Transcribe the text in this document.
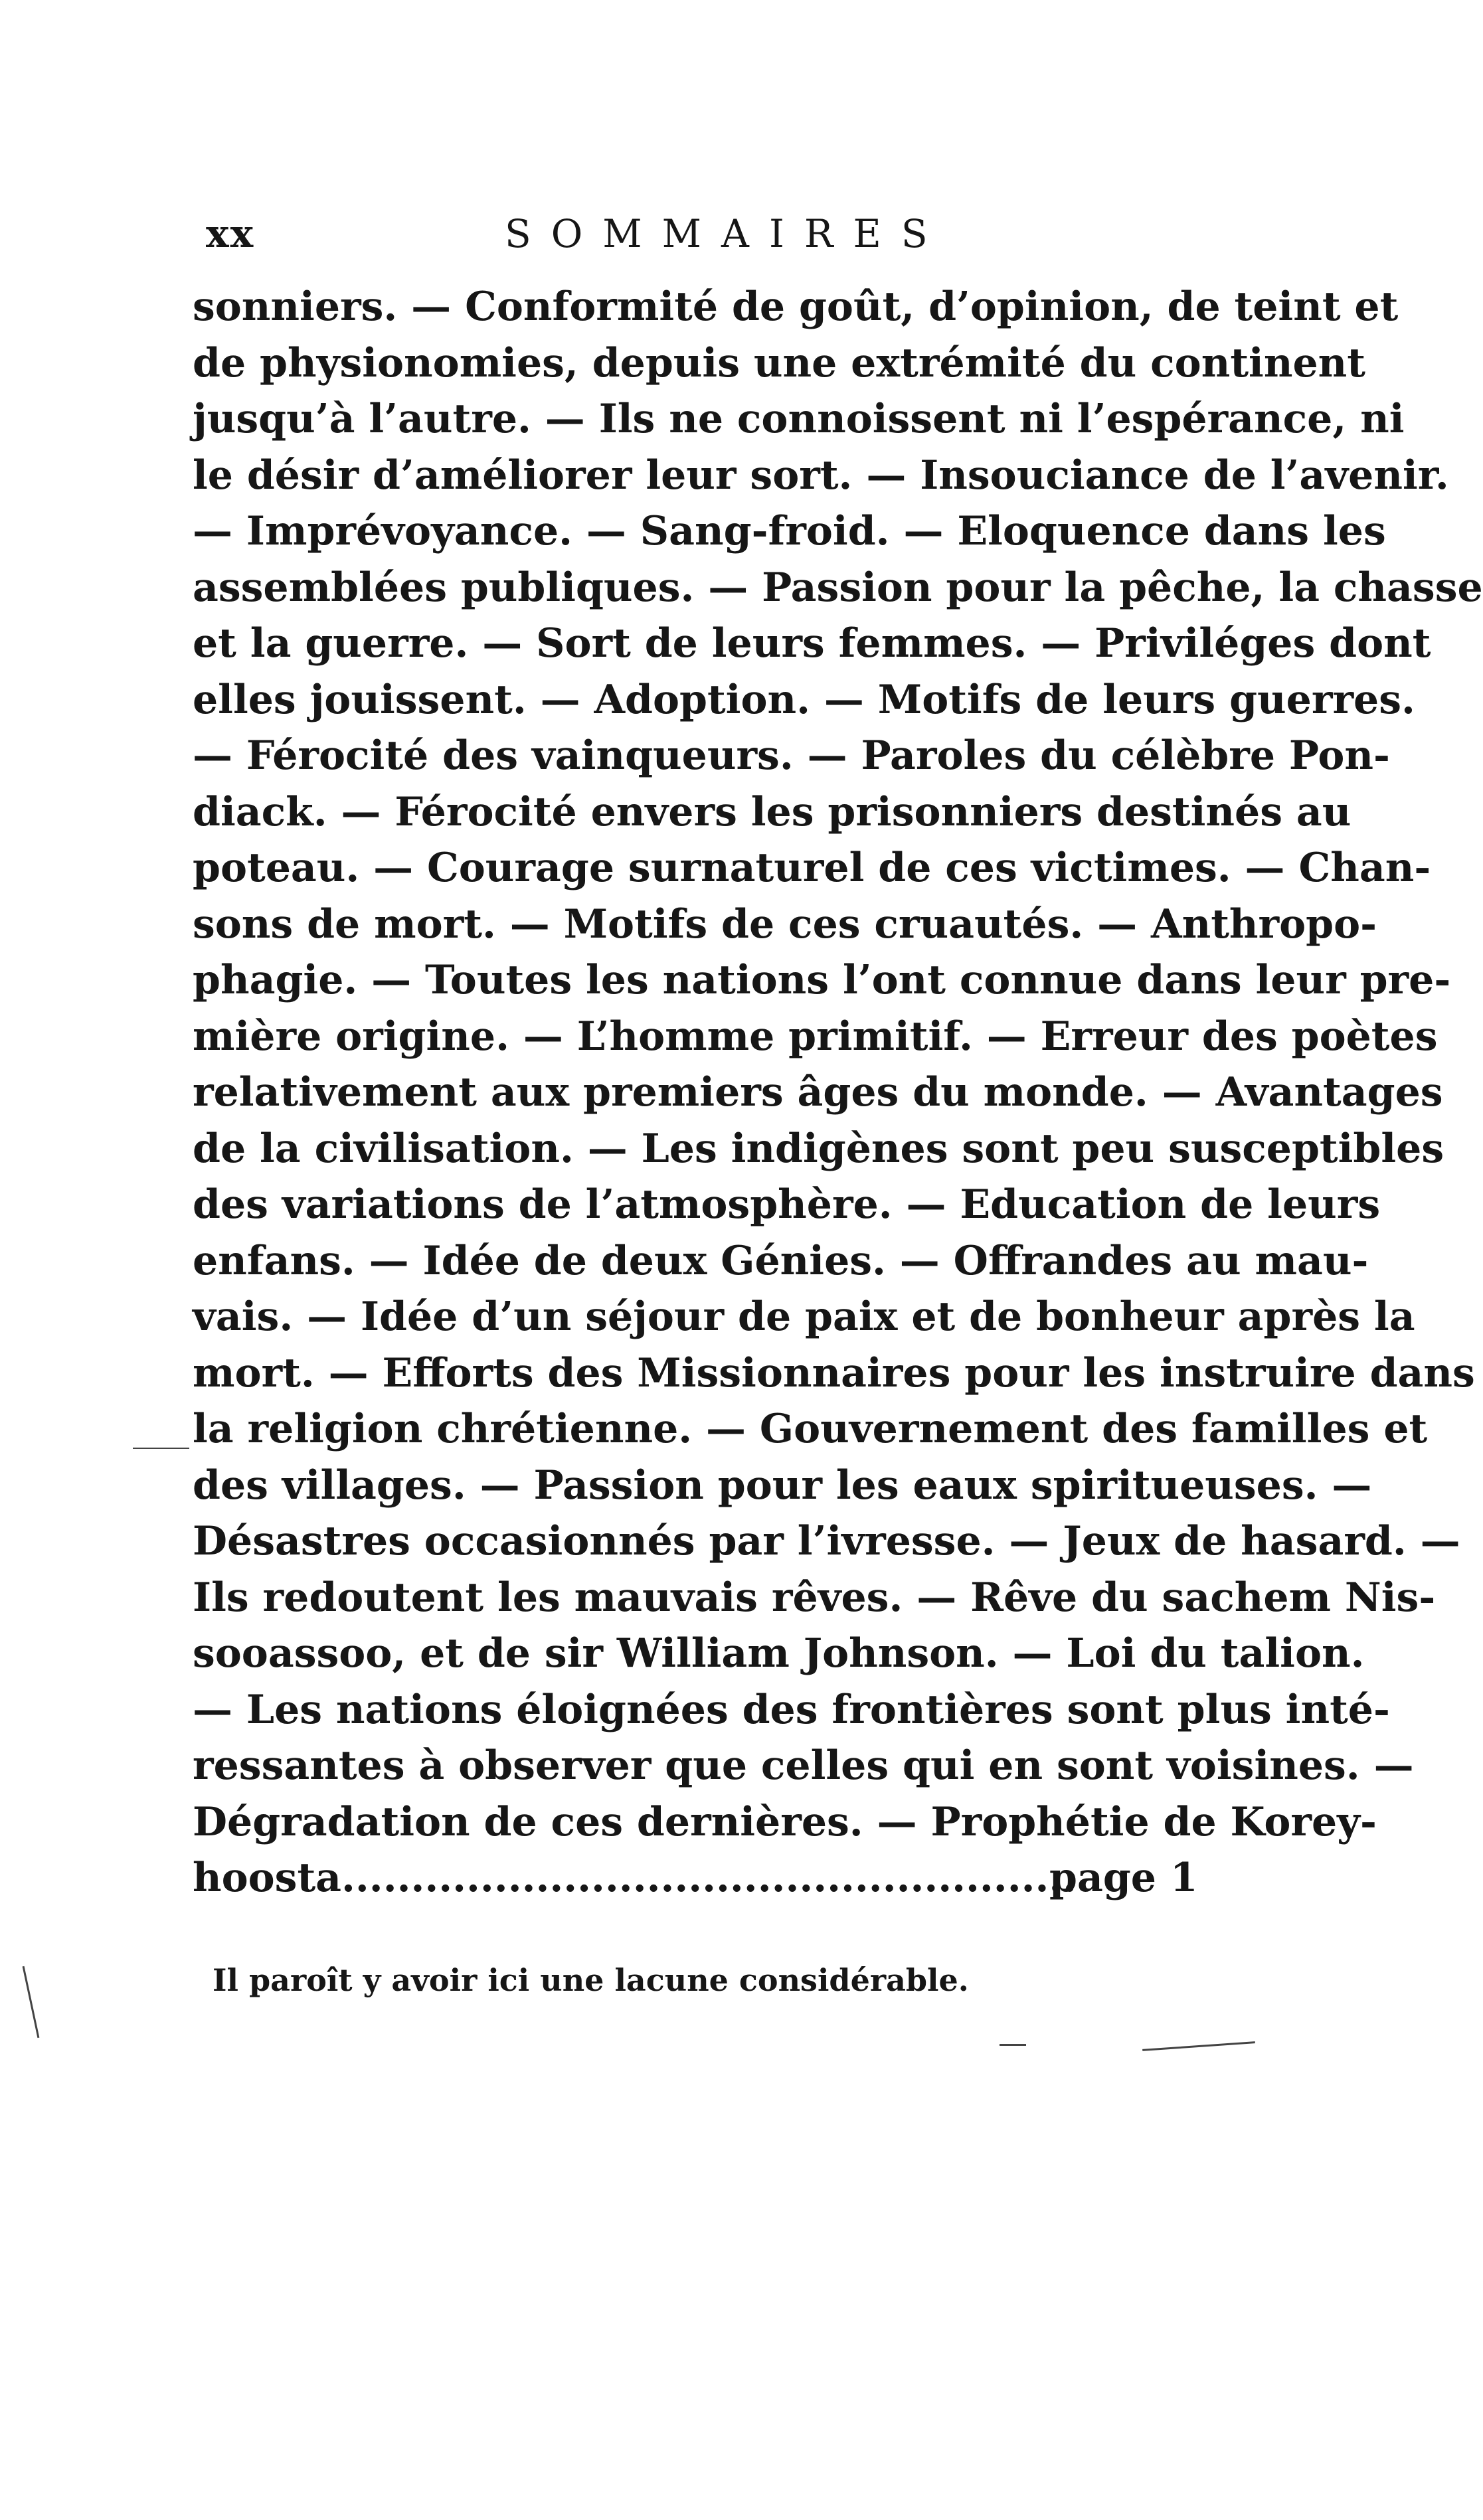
xx	SOMMAIRES
sonniers. — Conformité de goût, d’opinion, de teint et
de physionomies, depuis une extrémité du continent
jusqu’à l’autre. — Ils ne connoissent ni l’espérance, ni
le désir d’améliorer leur sort. — Insouciance de l’avenir.
— Imprévoyance. — Sang-froid. — Eloquence dans les
assemblées publiques. — Passion pour la pêche, la chasse
et la guerre. — Sort de leurs femmes. — Priviléges dont
elles jouissent. — Adoption. — Motifs de leurs guerres.
— Férocité des vainqueurs. — Paroles du célèbre Pon-
diack. — Férocité envers les prisonniers destinés au
poteau. — Courage surnaturel de ces victimes. — Chan-
sons de mort. — Motifs de ces cruautés. — Anthropo-
phagie. — Toutes les nations l’ont connue dans leur pre-
mière origine. — L’homme primitif. — Erreur des poètes
relativement aux premiers âges du monde. — Avantages
de la civilisation. — Les indigènes sont peu susceptibles
des variations de l’atmosphère. — Education de leurs
enfans. — Idée de deux Génies. — Offrandes au mau-
vais. — Idée d’un séjour de paix et de bonheur après la
mort. — Efforts des Missionnaires pour les instruire dans
la religion chrétienne. — Gouvernement des familles et
des villages. — Passion pour les eaux spiritueuses. —
Désastres occasionnés par l’ivresse. — Jeux de hasard. —
Ils redoutent les mauvais rêves. — Rêve du sachem Nis-
sooassoo, et de sir William Johnson. — Loi du talion.
— Les nations éloignées des frontières sont plus inté-
ressantes à observer que celles qui en sont voisines. —
Dégradation de ces dernières. — Prophétie de Korey-
hoosta.....................................................page 1
Il paroît y avoir ici une lacune considérable.
